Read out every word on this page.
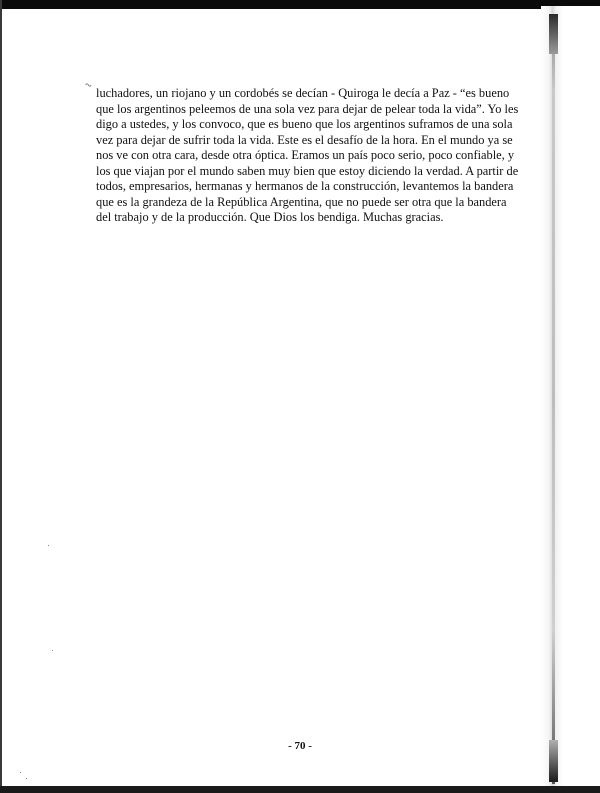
~
luchadores, un riojano y un cordobés se decían - Quiroga le decía a Paz - “es bueno
que los argentinos peleemos de una sola vez para dejar de pelear toda la vida”. Yo les
digo a ustedes, y los convoco, que es bueno que los argentinos suframos de una sola
vez para dejar de sufrir toda la vida. Este es el desafío de la hora. En el mundo ya se
nos ve con otra cara, desde otra óptica. Eramos un país poco serio, poco confiable, y
los que viajan por el mundo saben muy bien que estoy diciendo la verdad. A partir de
todos, empresarios, hermanas y hermanos de la construcción, levantemos la bandera
que es la grandeza de la República Argentina, que no puede ser otra que la bandera
del trabajo y de la producción. Que Dios los bendiga. Muchas gracias.

- 70 -
